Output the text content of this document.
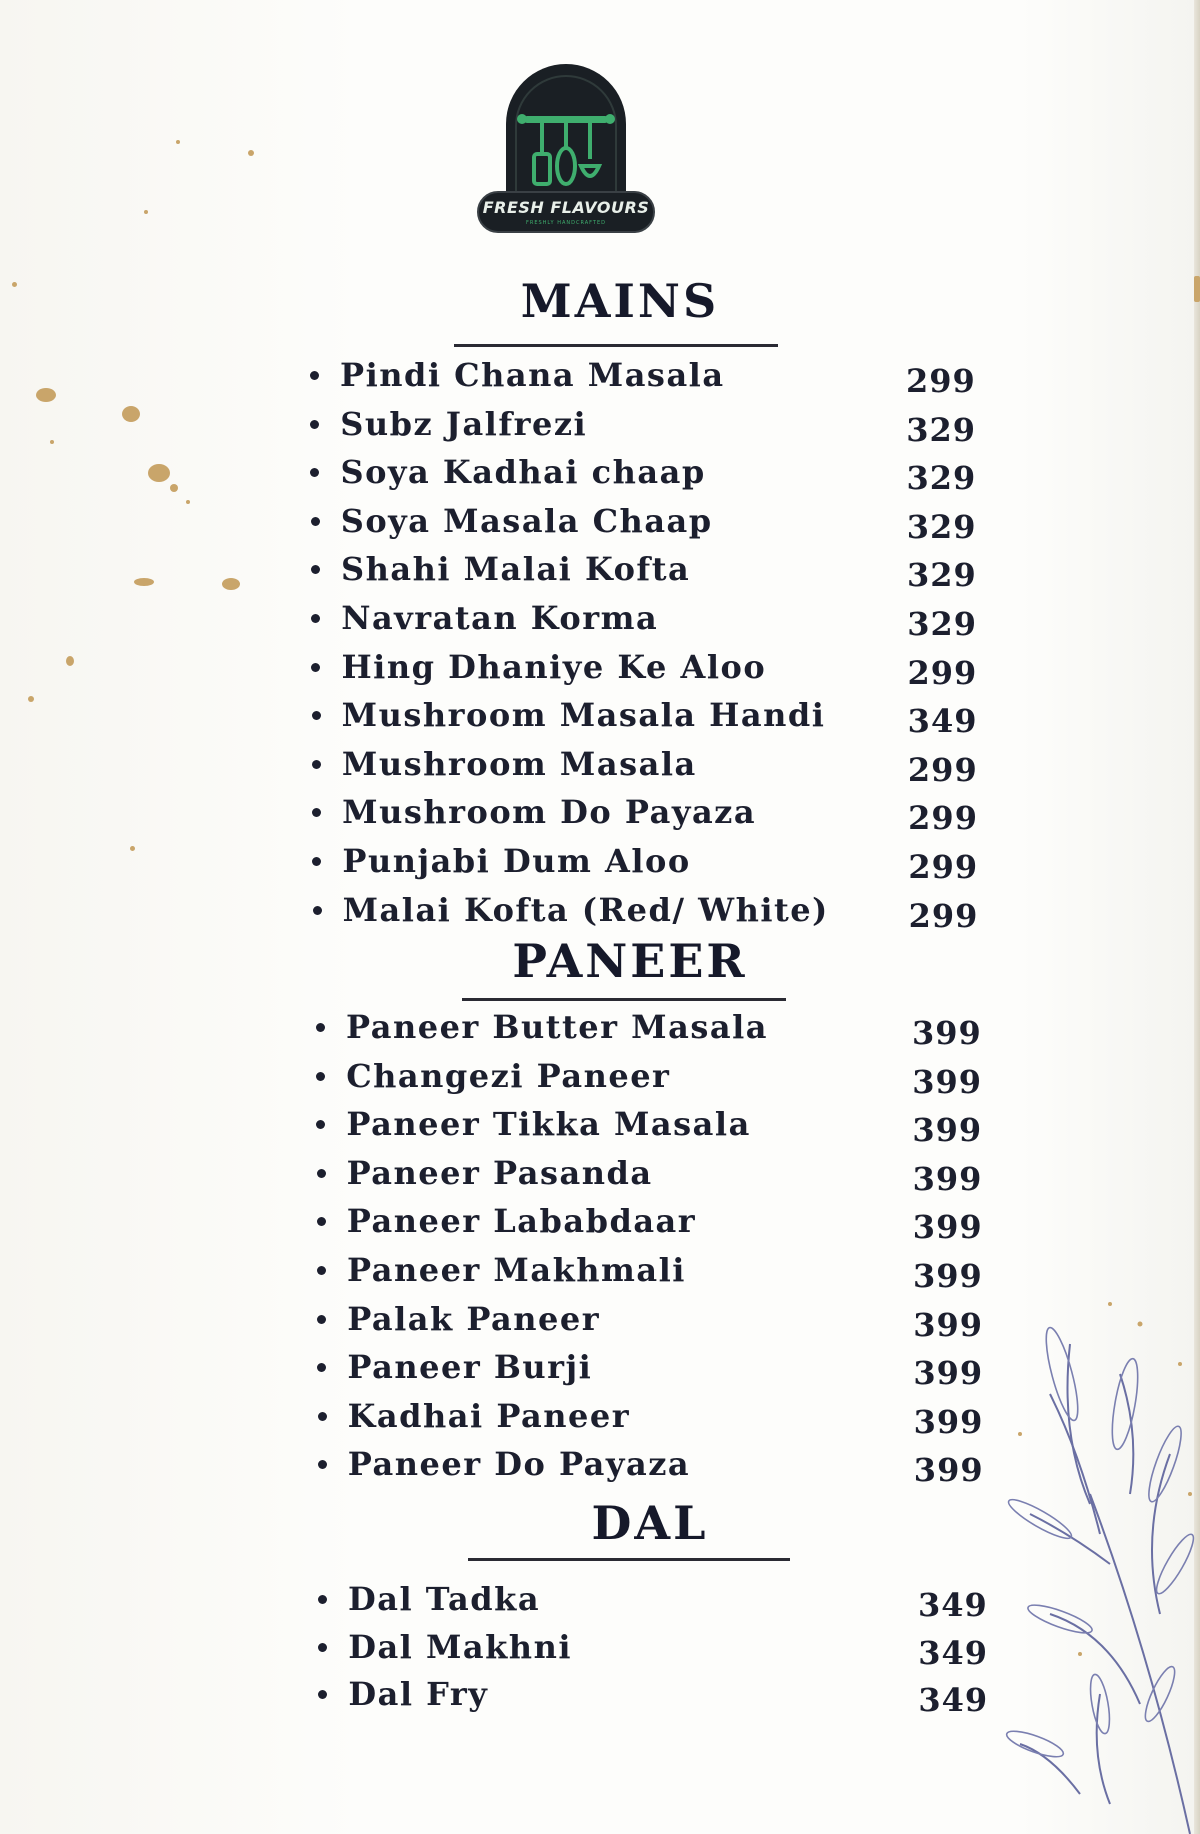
FRESH FLAVOURS
FRESHLY HANDCRAFTED
MAINS
Pindi Chana Masala	299
Subz Jalfrezi	329
Soya Kadhai chaap	329
Soya Masala Chaap	329
Shahi Malai Kofta	329
Navratan Korma	329
Hing Dhaniye Ke Aloo	299
Mushroom Masala Handi	349
Mushroom Masala	299
Mushroom Do Payaza	299
Punjabi Dum Aloo	299
Malai Kofta (Red/ White) 299
PANEER
Paneer Butter Masala	399
Changezi Paneer	399
Paneer Tikka Masala	399
Paneer Pasanda	399
Paneer Lababdaar	399
Paneer Makhmali	399
Palak Paneer	399
Paneer Burji	399
Kadhai Paneer	399
Paneer Do Payaza	399
DAL
Dal Tadka	349
Dal Makhni	349
Dal Fry	349
